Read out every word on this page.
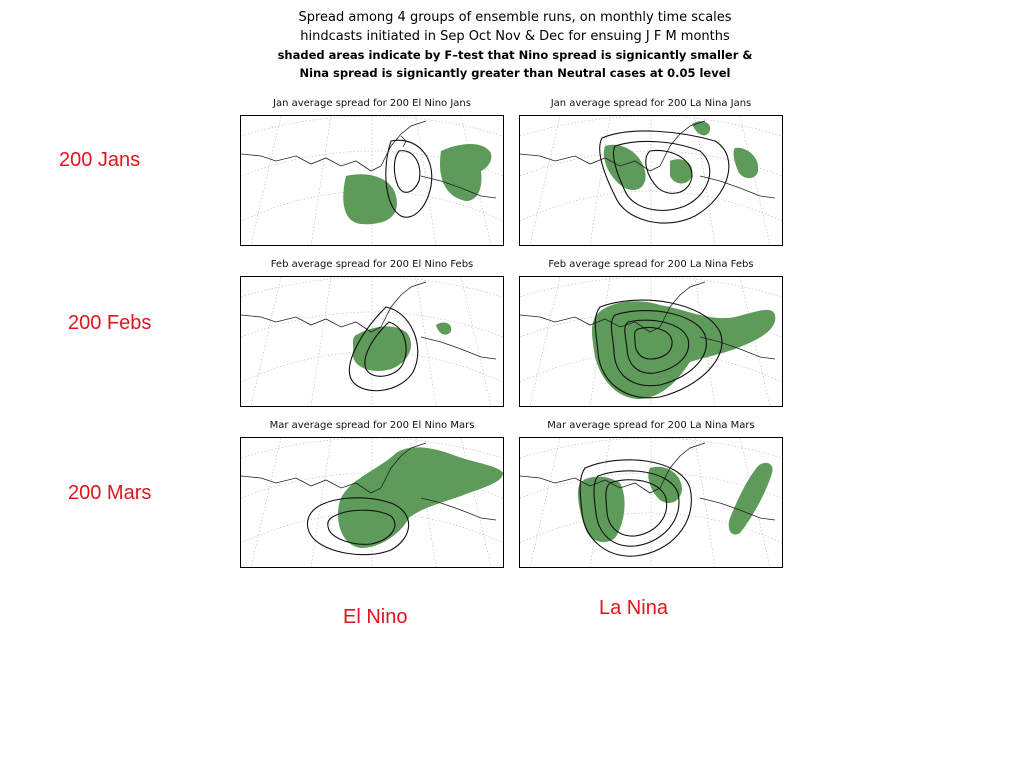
Spread among 4 groups of ensemble runs, on monthly time scales
hindcasts initiated in Sep Oct Nov & Dec for ensuing J F M months
shaded areas indicate by F–test that Nino spread is signicantly smaller &
Nina spread is signicantly greater than Neutral cases at 0.05 level
Jan average spread for 200 El Nino Jans	Jan average spread for 200 La Nina Jans
Feb average spread for 200 El Nino Febs	Feb average spread for 200 La Nina Febs
Mar average spread for 200 El Nino Mars	Mar average spread for 200 La Nina Mars
200 Jans
200 Febs
200 Mars
El Nino	La Nina
